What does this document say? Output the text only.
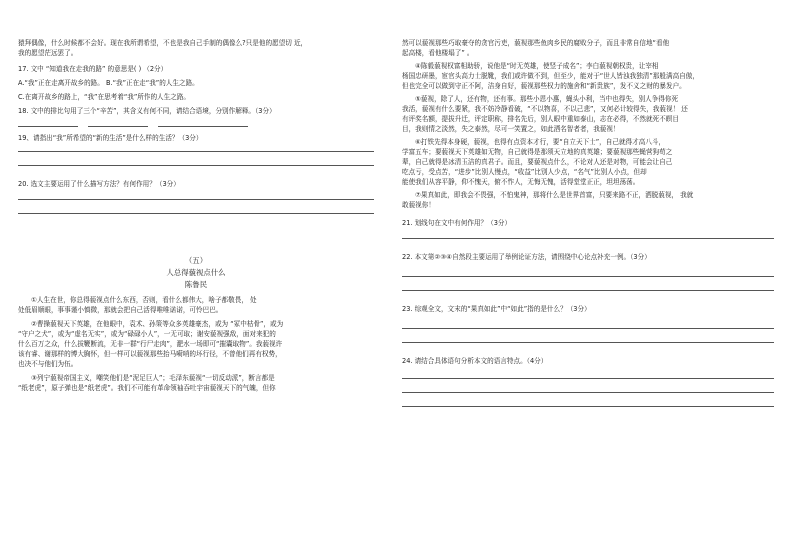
猿拜偶像，什么时候都不会好。现在我所谓希望，不也是我自己手制的偶像么?只是他的愿望切 近，

我的愿望茫远罢了。

17. 文中 “知道我在走我的路” 的意思是( ) （2分）

A.“我”正在走离开故乡的路。 B.“我”正在走“我”的人生之路。

C.在离开故乡的路上，“我”在思考着“我”所作的人生之路。

18. 文中的排比句用了三个“辛苦”，其含义有何不同，请结合语境，分别作解释。（3分）

19、请指出“我”所希望的“新的生活”是什么样的生活？（3分）

20. 选文主要运用了什么描写方法？有何作用？（3分）

（五）

人总得藐视点什么

陈鲁民

①人生在世，你总得藐视点什么东西，否则，看什么都伟大，啥子都敬畏， 处

处低眉顺眼，事事谨小慎微，那就会把自己活得唯唯诺诺，可怜巴巴。

②曹操藐视天下英雄，在他眼中，袁术、孙策等众多英雄豪杰，或为 “冢中枯骨”，或为

“守户之犬”，或为“虚名无实”，或为“碌碌小人”，一无可取；谢安藐视强敌，面对来犯的

什么百万之众，什么拔鞭断流，无非一群“行尸走肉”，淝水一场即可“摧囊取物”。我藐视许

该有睿、谢那样的博大胸怀，但一样可以藐视那些抬马嗬哨的坏行径，不曾他们再有权势，

也决不与他们为伍。

③列宁藐视帝国主义，嘲笑他们是“泥足巨人”；毛泽东藐视“一切反动派”，断言都是

“纸老虎”，原子弹也是“纸老虎”。我们不可能有革命领袖吞吐宇宙藐视天下的气魄，但你

然可以藐视那些巧取豪夺的贪官污吏，藐视那些鱼肉乡民的腐败分子，而且非常自信地“看他

起高楼，看他楼塌了” 。

④陈毅藐视权富相助骄，说他是“时无英雄，使竖子成名”；李白藐视朝权贵，让宰相

杨国忠研墨，宦官头高力士脱靴，我们或许做不到，但至少，能对于“世人皆浊我独清”那般满高自傲，

但也完全可以做到守正不阿，洁身自好，藐视那些权力的施舍和“新贵族”，发不义之财的暴发户。

⑤藐视，除了人，还有物，还有事。那些小恩小惠，蝇头小利，当中也得失，别人争得你死

我活，藐视有什么要紧，我不妨冷静看破，“不以物喜，不以己悲”，又何必计较得失，我藐视！ 还

有评奖名额，提拔升迁，评定职称，排名先后，别人眼中重如泰山，志在必得，不然就死不瞑目

目，我则情之淡然，失之泰然，尽可一笑置之，如此洒名智者者，我藐视！

⑥打铁先得本身硬，藐视，也得有点资本才行，要“自立天下士”，自己就得才高八斗，

学富五车；要藐视天下英雄如无物，自己就得是那须天立地的真英雄；要藐视那些蝇营狗苟之

辈，自己就得是冰清玉洁的真君子。而且，要藐视点什么，不论对人还是对物，可能会让自己

吃点亏，受点苦，“进步”比别人慢点，“收益”比别人少点，“名气”比别人小点，但却

能使我们从容平静，仰不愧天，俯不怍人，无悔无愧，活得堂堂正正，坦坦荡荡。

⑦果真如此，即我会不畏强，不怕鬼神，那将什么是世界首富，只要来路不正，洒脱藐视， 我就

敢藐视你！

21. 划线句在文中有何作用？（3分）

22. 本文第②③④自然段主要运用了举例论证方法，请围绕中心论点补充一例。（3分）

23. 综观全文，文末的“果真如此”中“如此”指的是什么？（3分）

24. 请结合具体语句分析本文的语言特点。（4分）
